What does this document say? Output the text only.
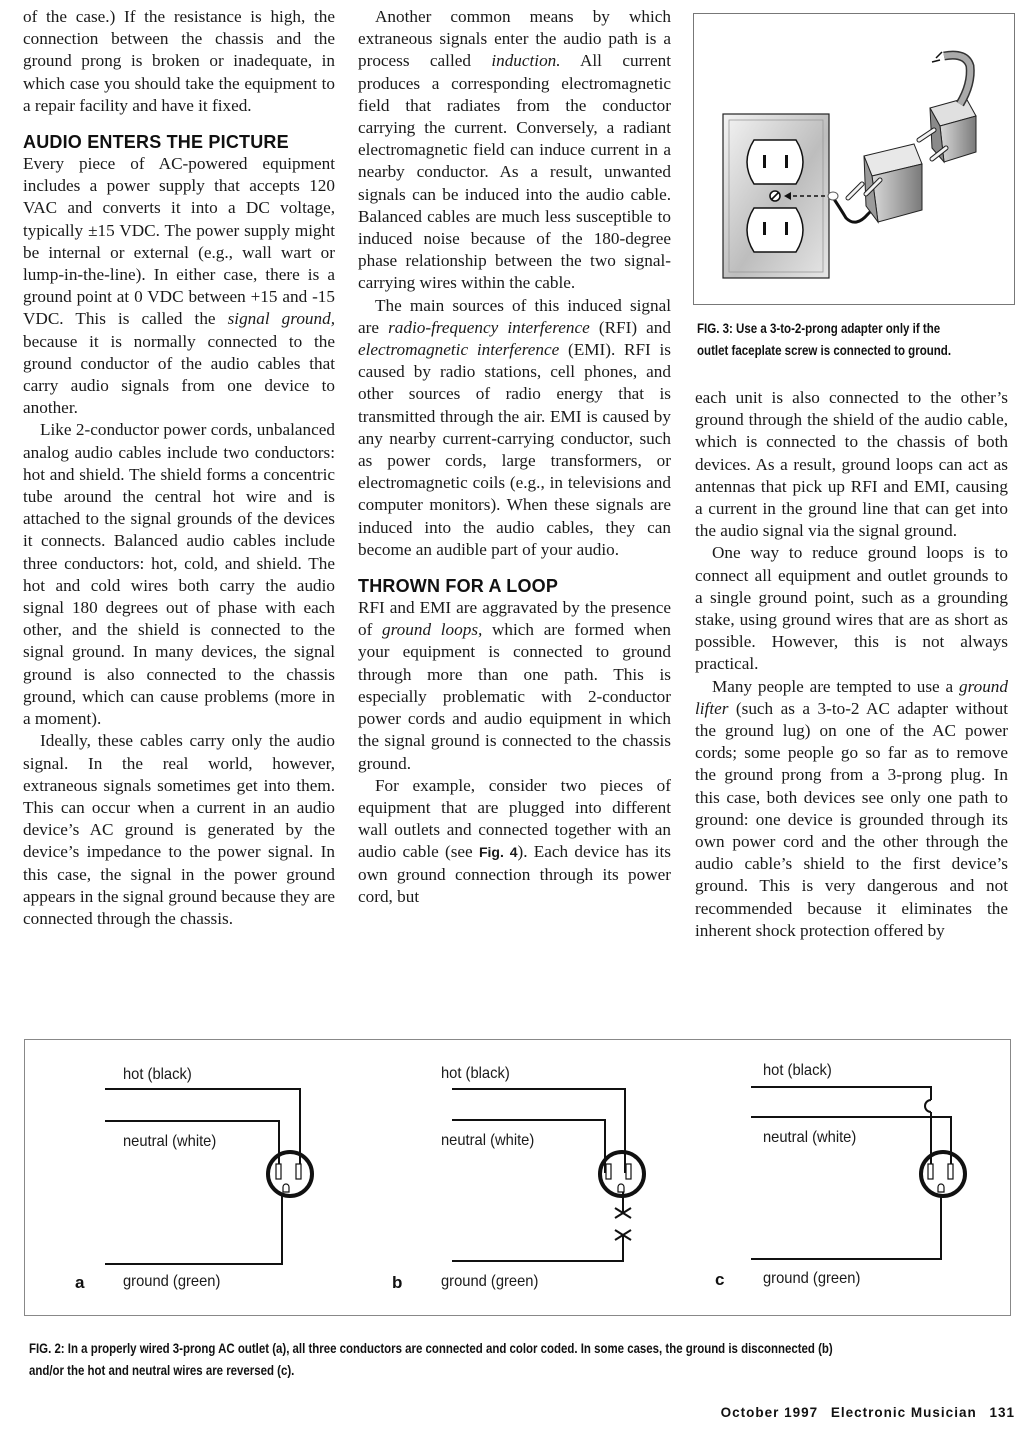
of the case.) If the resistance is high, the connection between the chassis and the ground prong is broken or inadequate, in which case you should take the equipment to a repair facility and have it fixed.

AUDIO ENTERS THE PICTURE

Every piece of AC-powered equipment includes a power supply that accepts 120 VAC and converts it into a DC voltage, typically ±15 VDC. The power supply might be internal or external (e.g., wall wart or lump-in-the-line). In either case, there is a ground point at 0 VDC between +15 and -15 VDC. This is called the signal ground, because it is normally connected to the ground conductor of the audio cables that carry audio signals from one device to another.

Like 2-conductor power cords, unbalanced analog audio cables include two conductors: hot and shield. The shield forms a concentric tube around the central hot wire and is attached to the signal grounds of the devices it connects. Balanced audio cables include three conductors: hot, cold, and shield. The hot and cold wires both carry the audio signal 180 degrees out of phase with each other, and the shield is connected to the signal ground. In many devices, the signal ground is also connected to the chassis ground, which can cause problems (more in a moment).

Ideally, these cables carry only the audio signal. In the real world, however, extraneous signals sometimes get into them. This can occur when a current in an audio device’s AC ground is generated by the device’s impedance to the power signal. In this case, the signal in the power ground appears in the signal ground because they are connected through the chassis.

Another common means by which extraneous signals enter the audio path is a process called induction. All current produces a corresponding electromagnetic field that radiates from the conductor carrying the current. Conversely, a radiant electromagnetic field can induce current in a nearby conductor. As a result, unwanted signals can be induced into the audio cable. Balanced cables are much less susceptible to induced noise because of the 180-degree phase relationship between the two signal-carrying wires within the cable.

The main sources of this induced signal are radio-frequency interference (RFI) and electromagnetic interference (EMI). RFI is caused by radio stations, cell phones, and other sources of radio energy that is transmitted through the air. EMI is caused by any nearby current-carrying conductor, such as power cords, large transformers, or electromagnetic coils (e.g., in televisions and computer monitors). When these signals are induced into the audio cables, they can become an audible part of your audio.

THROWN FOR A LOOP

RFI and EMI are aggravated by the presence of ground loops, which are formed when your equipment is connected to ground through more than one path. This is especially problematic with 2-conductor power cords and audio equipment in which the signal ground is connected to the chassis ground.

For example, consider two pieces of equipment that are plugged into different wall outlets and connected together with an audio cable (see Fig. 4). Each device has its own ground connection through its power cord, but

FIG. 3: Use a 3-to-2-prong adapter only if the
outlet faceplate screw is connected to ground.

each unit is also connected to the other’s ground through the shield of the audio cable, which is connected to the chassis of both devices. As a result, ground loops can act as antennas that pick up RFI and EMI, causing a current in the ground line that can get into the audio signal via the signal ground.

One way to reduce ground loops is to connect all equipment and outlet grounds to a single ground point, such as a grounding stake, using ground wires that are as short as possible. However, this is not always practical.

Many people are tempted to use a ground lifter (such as a 3-to-2 AC adapter without the ground lug) on one of the AC power cords; some people go so far as to remove the ground prong from a 3-prong plug. In this case, both devices see only one path to ground: one device is grounded through its own power cord and the other through the audio cable’s shield to the first device’s ground. This is very dangerous and not recommended because it eliminates the inherent shock protection offered by

hot (black)
neutral (white)
ground (green)
a
hot (black)
neutral (white)
ground (green)
b
hot (black)
neutral (white)
ground (green)
c
FIG. 2: In a properly wired 3-prong AC outlet (a), all three conductors are connected and color coded. In some cases, the ground is disconnected (b)
and/or the hot and neutral wires are reversed (c).
October 1997 Electronic Musician 131
